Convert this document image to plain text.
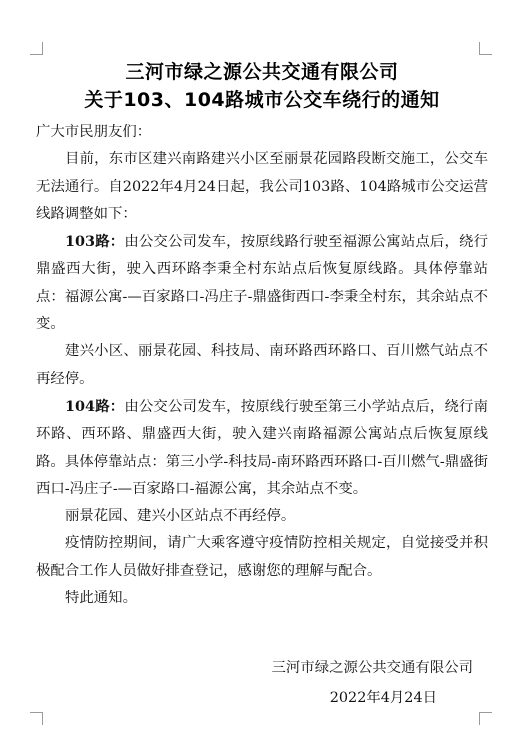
三河市绿之源公共交通有限公司
关于103、104路城市公交车绕行的通知

广大市民朋友们：

目前，东市区建兴南路建兴小区至丽景花园路段断交施工，公交车无法通行。自2022年4月24日起，我公司103路、104路城市公交运营线路调整如下：

103路：由公交公司发车，按原线路行驶至福源公寓站点后，绕行鼎盛西大街，驶入西环路李秉全村东站点后恢复原线路。具体停靠站点：福源公寓-—百家路口-冯庄子-鼎盛街西口-李秉全村东，其余站点不变。

建兴小区、丽景花园、科技局、南环路西环路口、百川燃气站点不再经停。

104路：由公交公司发车，按原线行驶至第三小学站点后，绕行南环路、西环路、鼎盛西大街，驶入建兴南路福源公寓站点后恢复原线路。具体停靠站点：第三小学-科技局-南环路西环路口-百川燃气-鼎盛街西口-冯庄子-—百家路口-福源公寓，其余站点不变。

丽景花园、建兴小区站点不再经停。

疫情防控期间，请广大乘客遵守疫情防控相关规定，自觉接受并积极配合工作人员做好排查登记，感谢您的理解与配合。

特此通知。

三河市绿之源公共交通有限公司
2022年4月24日
